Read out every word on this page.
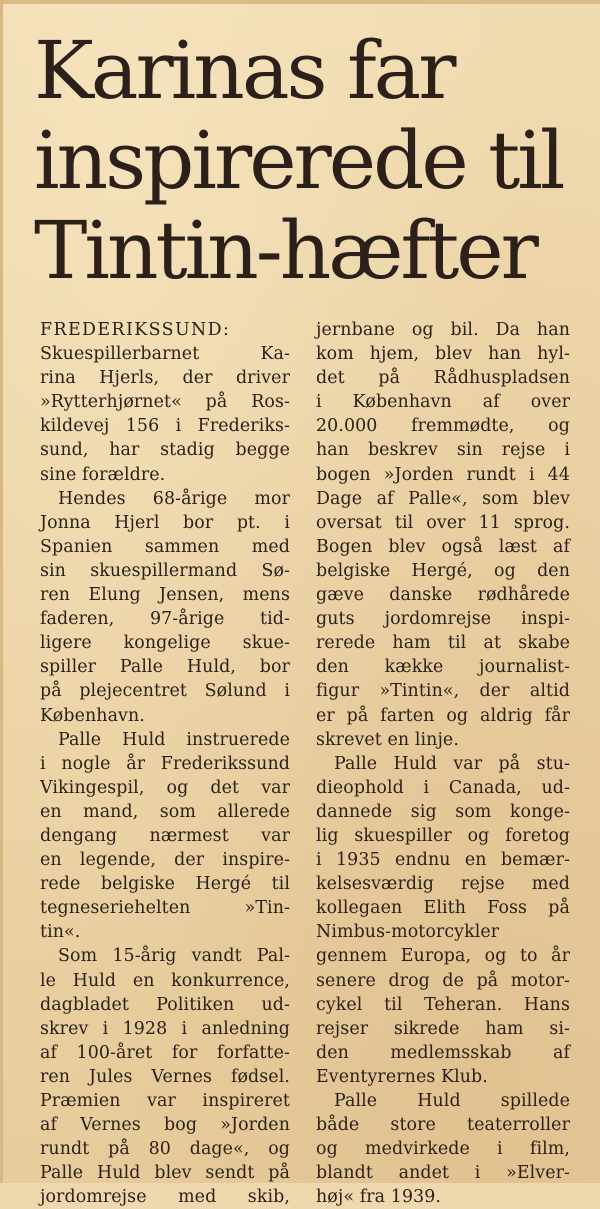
Karinas far
inspirerede til
Tintin-hæfter
FREDERIKSSUND:
Skuespillerbarnet Ka-
rina Hjerls, der driver
»Rytterhjørnet« på Ros-
kildevej 156 i Frederiks-
sund, har stadig begge
sine forældre.
Hendes 68-årige mor
Jonna Hjerl bor pt. i
Spanien sammen med
sin skuespillermand Sø-
ren Elung Jensen, mens
faderen, 97-årige tid-
ligere kongelige skue-
spiller Palle Huld, bor
på plejecentret Sølund i
København.
Palle Huld instruerede
i nogle år Frederikssund
Vikingespil, og det var
en mand, som allerede
dengang nærmest var
en legende, der inspire-
rede belgiske Hergé til
tegneseriehelten »Tin-
tin«.
Som 15-årig vandt Pal-
le Huld en konkurrence,
dagbladet Politiken ud-
skrev i 1928 i anledning
af 100-året for forfatte-
ren Jules Vernes fødsel.
Præmien var inspireret
af Vernes bog »Jorden
rundt på 80 dage«, og
Palle Huld blev sendt på
jordomrejse med skib,
jernbane og bil. Da han
kom hjem, blev han hyl-
det på Rådhuspladsen
i København af over
20.000 fremmødte, og
han beskrev sin rejse i
bogen »Jorden rundt i 44
Dage af Palle«, som blev
oversat til over 11 sprog.
Bogen blev også læst af
belgiske Hergé, og den
gæve danske rødhårede
guts jordomrejse inspi-
rerede ham til at skabe
den kække journalist-
figur »Tintin«, der altid
er på farten og aldrig får
skrevet en linje.
Palle Huld var på stu-
dieophold i Canada, ud-
dannede sig som konge-
lig skuespiller og foretog
i 1935 endnu en bemær-
kelsesværdig rejse med
kollegaen Elith Foss på
Nimbus-motorcykler
gennem Europa, og to år
senere drog de på motor-
cykel til Teheran. Hans
rejser sikrede ham si-
den medlemsskab af
Eventyrernes Klub.
Palle Huld spillede
både store teaterroller
og medvirkede i film,
blandt andet i »Elver-
høj« fra 1939.
